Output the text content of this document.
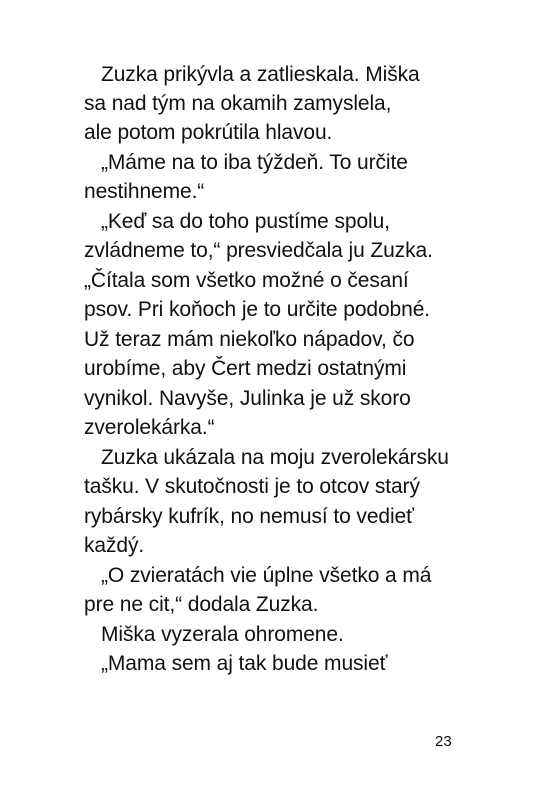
Zuzka prikývla a zatlieskala. Miška
sa nad tým na okamih zamyslela,
ale potom pokrútila hlavou.
„Máme na to iba týždeň. To určite
nestihneme.“
„Keď sa do toho pustíme spolu,
zvládneme to,“ presviedčala ju Zuzka.
„Čítala som všetko možné o česaní
psov. Pri koňoch je to určite podobné.
Už teraz mám niekoľko nápadov, čo
urobíme, aby Čert medzi ostatnými
vynikol. Navyše, Julinka je už skoro
zverolekárka.“
Zuzka ukázala na moju zverolekársku
tašku. V skutočnosti je to otcov starý
rybársky kufrík, no nemusí to vedieť
každý.
„O zvieratách vie úplne všetko a má
pre ne cit,“ dodala Zuzka.
Miška vyzerala ohromene.
„Mama sem aj tak bude musieť
23
